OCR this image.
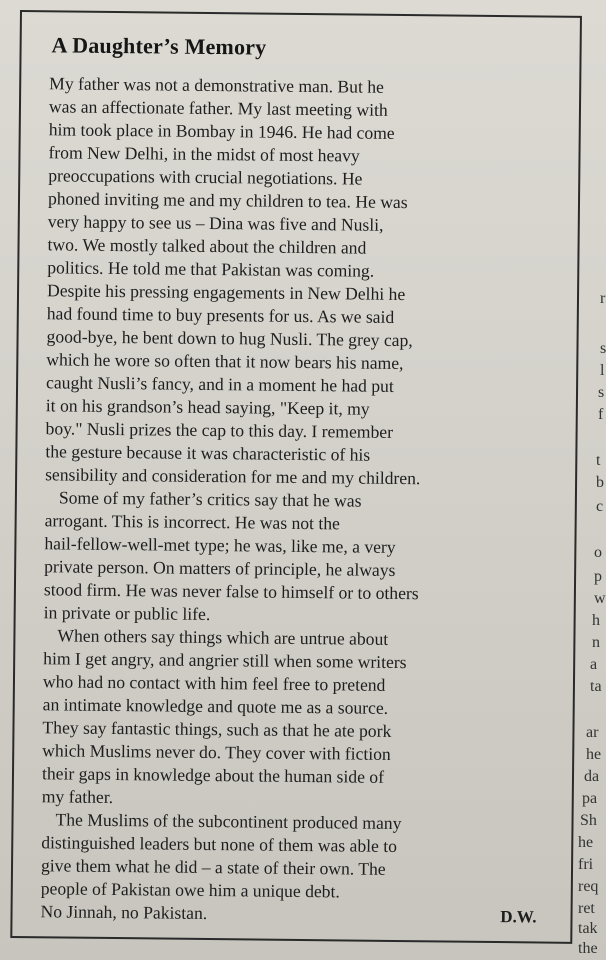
A Daughter’s Memory
My father was not a demonstrative man. But he
was an affectionate father. My last meeting with
him took place in Bombay in 1946. He had come
from New Delhi, in the midst of most heavy
preoccupations with crucial negotiations. He
phoned inviting me and my children to tea. He was
very happy to see us – Dina was five and Nusli,
two. We mostly talked about the children and
politics. He told me that Pakistan was coming.
Despite his pressing engagements in New Delhi he
had found time to buy presents for us. As we said
good-bye, he bent down to hug Nusli. The grey cap,
which he wore so often that it now bears his name,
caught Nusli’s fancy, and in a moment he had put
it on his grandson’s head saying, "Keep it, my
boy." Nusli prizes the cap to this day. I remember
the gesture because it was characteristic of his
sensibility and consideration for me and my children.
Some of my father’s critics say that he was
arrogant. This is incorrect. He was not the
hail-fellow-well-met type; he was, like me, a very
private person. On matters of principle, he always
stood firm. He was never false to himself or to others
in private or public life.
When others say things which are untrue about
him I get angry, and angrier still when some writers
who had no contact with him feel free to pretend
an intimate knowledge and quote me as a source.
They say fantastic things, such as that he ate pork
which Muslims never do. They cover with fiction
their gaps in knowledge about the human side of
my father.
The Muslims of the subcontinent produced many
distinguished leaders but none of them was able to
give them what he did – a state of their own. The
people of Pakistan owe him a unique debt.
No Jinnah, no Pakistan.	D.W.
r
s
l
s
f
t
b
c
o
p
w
h
n
a
ta
ar
he
da
pa
Sh
he
fri
req
ret
tak
the
